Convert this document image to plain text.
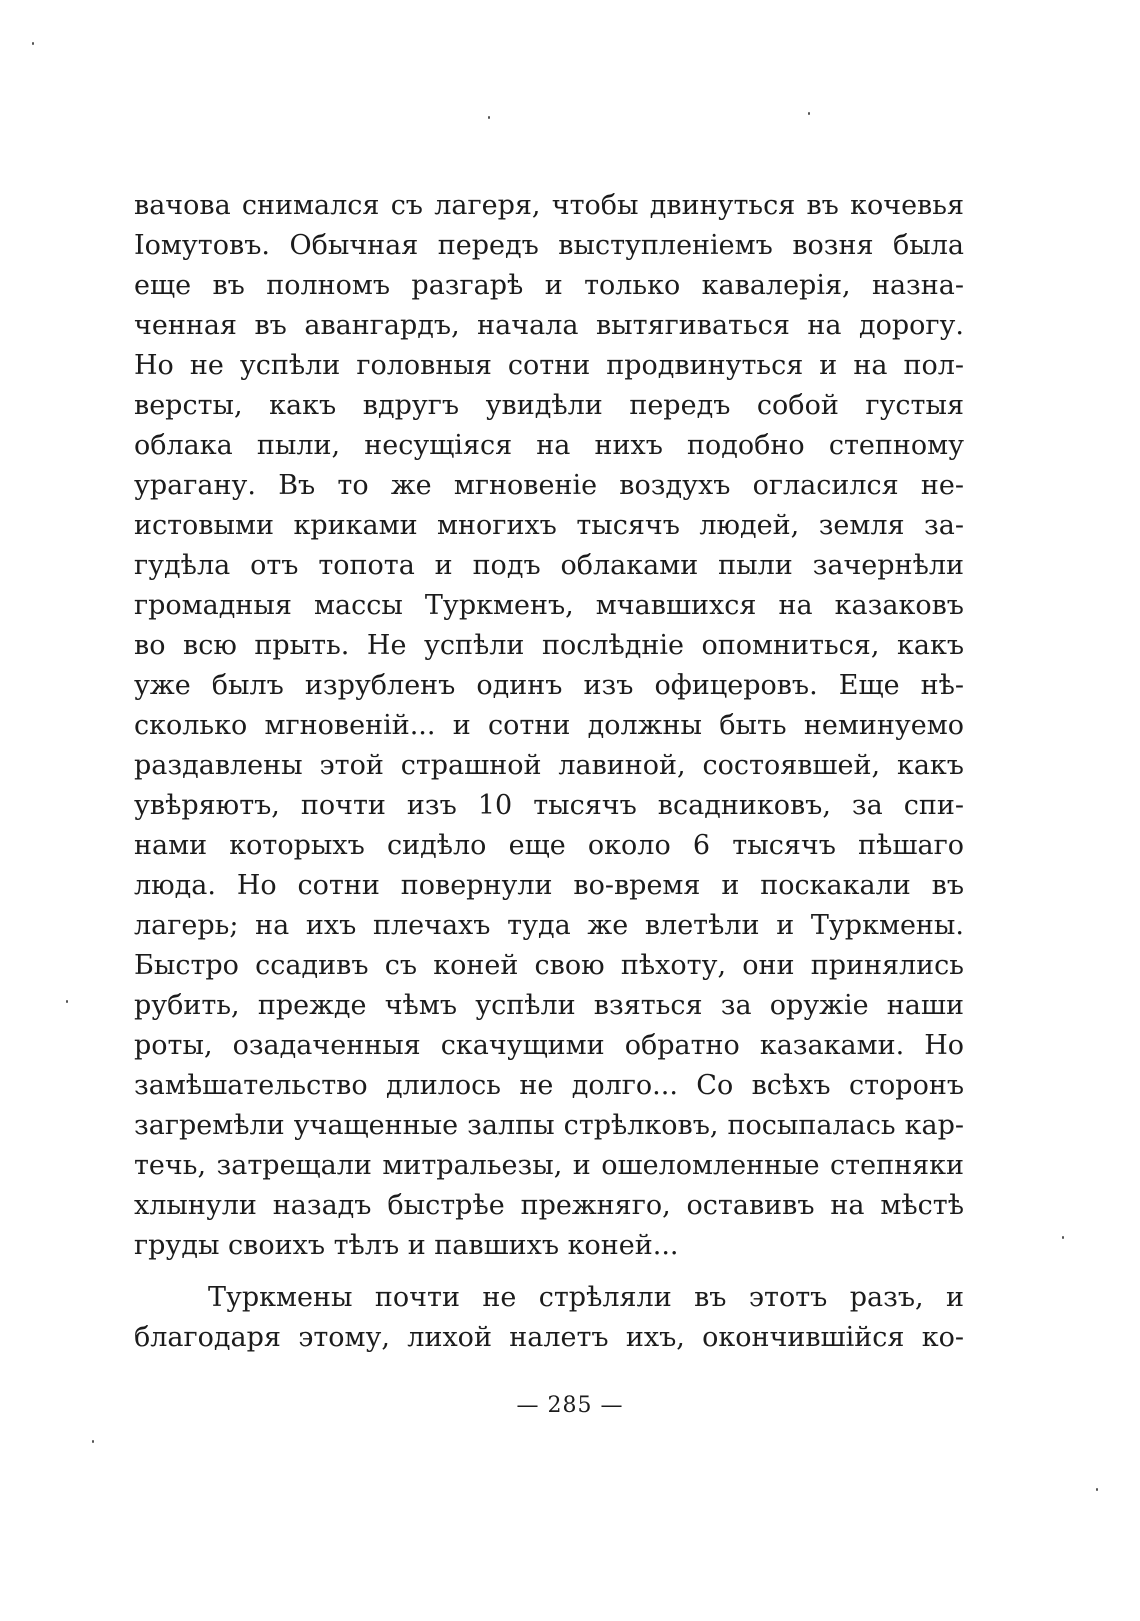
вачова снимался съ лагеря, чтобы двинуться въ кочевья
Іомутовъ. Обычная передъ выступленіемъ возня была
еще въ полномъ разгарѣ и только кавалерія, назна-
ченная въ авангардъ, начала вытягиваться на дорогу.
Но не успѣли головныя сотни продвинуться и на пол-
версты, какъ вдругъ увидѣли передъ собой густыя
облака пыли, несущіяся на нихъ подобно степному
урагану. Въ то же мгновеніе воздухъ огласился не-
истовыми криками многихъ тысячъ людей, земля за-
гудѣла отъ топота и подъ облаками пыли зачернѣли
громадныя массы Туркменъ, мчавшихся на казаковъ
во всю прыть. Не успѣли послѣдніе опомниться, какъ
уже былъ изрубленъ одинъ изъ офицеровъ. Еще нѣ-
сколько мгновеній... и сотни должны быть неминуемо
раздавлены этой страшной лавиной, состоявшей, какъ
увѣряютъ, почти изъ 10 тысячъ всадниковъ, за спи-
нами которыхъ сидѣло еще около 6 тысячъ пѣшаго
люда. Но сотни повернули во-время и поскакали въ
лагерь; на ихъ плечахъ туда же влетѣли и Туркмены.
Быстро ссадивъ съ коней свою пѣхоту, они принялись
рубить, прежде чѣмъ успѣли взяться за оружіе наши
роты, озадаченныя скачущими обратно казаками. Но
замѣшательство длилось не долго... Со всѣхъ сторонъ
загремѣли учащенные залпы стрѣлковъ, посыпалась кар-
течь, затрещали митральезы, и ошеломленные степняки
хлынули назадъ быстрѣе прежняго, оставивъ на мѣстѣ
груды своихъ тѣлъ и павшихъ коней...
Туркмены почти не стрѣляли въ этотъ разъ, и
благодаря этому, лихой налетъ ихъ, окончившійся ко-
— 285 —
